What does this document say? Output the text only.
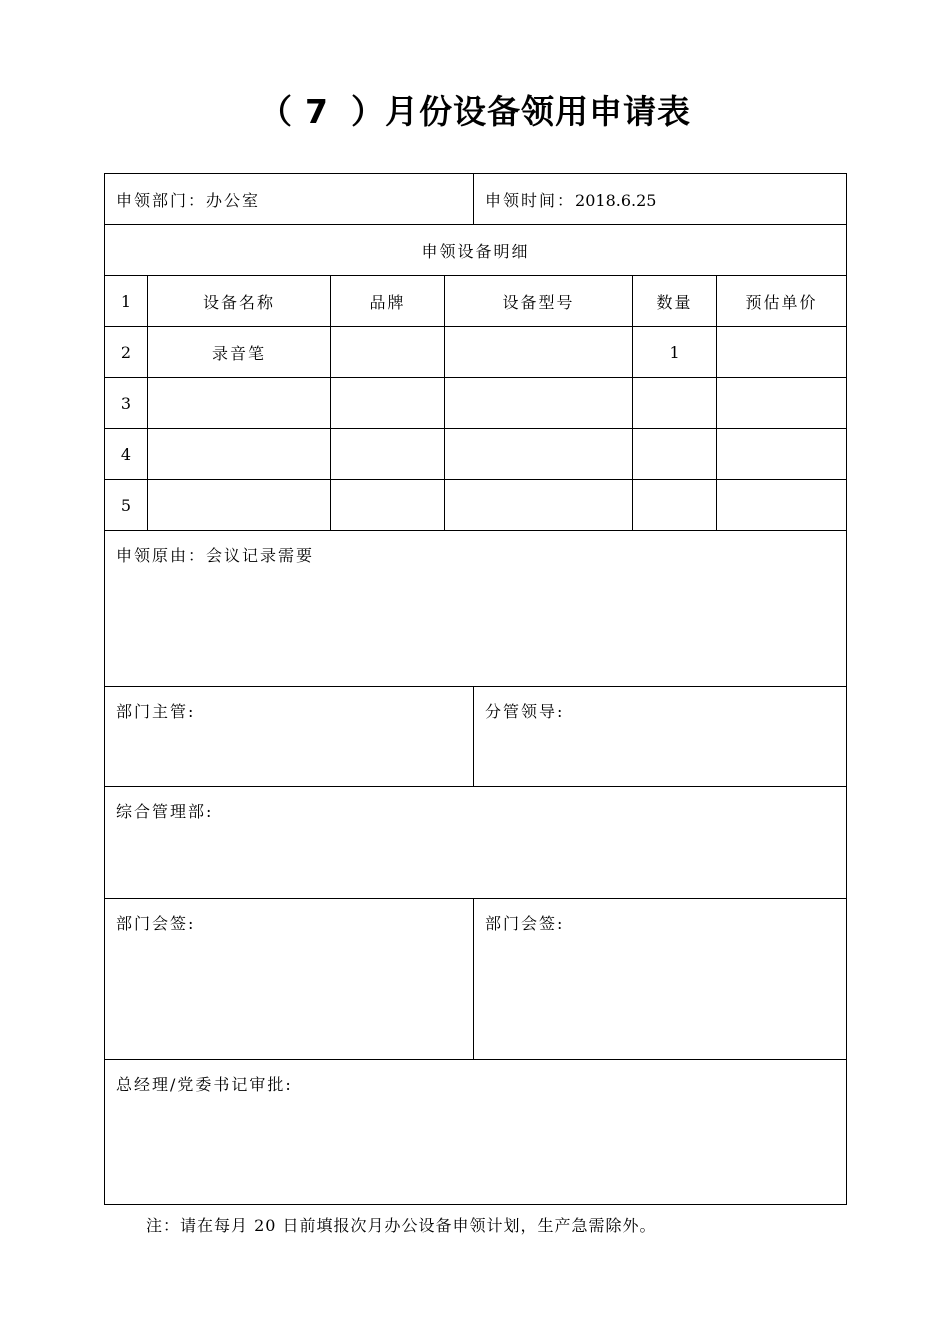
（ 7 ）月份设备领用申请表
申领部门：办公室				申领时间：2018.6.25		
申领设备明细						
1	设备名称	品牌	设备型号		数量	预估单价
2	录音笔				1	
3						
4						
5						
申领原由：会议记录需要						
部门主管:				分管领导:		
综合管理部:						
部门会签:				部门会签:		
总经理/党委书记审批:						
注：请在每月 20 日前填报次月办公设备申领计划，生产急需除外。
